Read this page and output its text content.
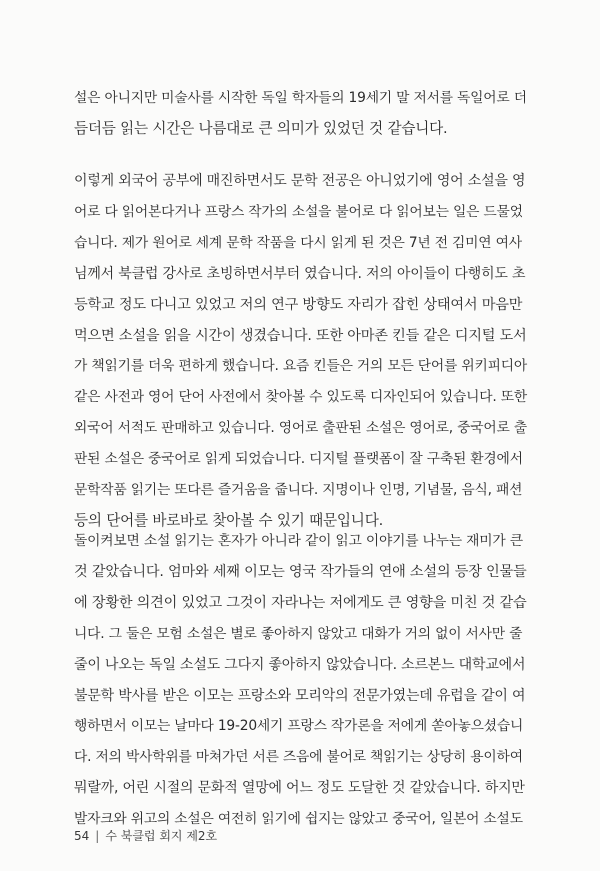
설은 아니지만 미술사를 시작한 독일 학자들의 19세기 말 저서를 독일어로 더
듬더듬 읽는 시간은 나름대로 큰 의미가 있었던 것 같습니다.
이렇게 외국어 공부에 매진하면서도 문학 전공은 아니었기에 영어 소설을 영
어로 다 읽어본다거나 프랑스 작가의 소설을 불어로 다 읽어보는 일은 드물었
습니다. 제가 원어로 세계 문학 작품을 다시 읽게 된 것은 7년 전 김미연 여사
님께서 북클럽 강사로 초빙하면서부터 였습니다. 저의 아이들이 다행히도 초
등학교 정도 다니고 있었고 저의 연구 방향도 자리가 잡힌 상태여서 마음만
먹으면 소설을 읽을 시간이 생겼습니다. 또한 아마존 킨들 같은 디지털 도서
가 책읽기를 더욱 편하게 했습니다. 요즘 킨들은 거의 모든 단어를 위키피디아
같은 사전과 영어 단어 사전에서 찾아볼 수 있도록 디자인되어 있습니다. 또한
외국어 서적도 판매하고 있습니다. 영어로 출판된 소설은 영어로, 중국어로 출
판된 소설은 중국어로 읽게 되었습니다. 디지털 플랫폼이 잘 구축된 환경에서
문학작품 읽기는 또다른 즐거움을 줍니다. 지명이나 인명, 기념물, 음식, 패션
등의 단어를 바로바로 찾아볼 수 있기 때문입니다.
돌이켜보면 소설 읽기는 혼자가 아니라 같이 읽고 이야기를 나누는 재미가 큰
것 같았습니다. 엄마와 세째 이모는 영국 작가들의 연애 소설의 등장 인물들
에 장황한 의견이 있었고 그것이 자라나는 저에게도 큰 영향을 미친 것 같습
니다. 그 둘은 모험 소설은 별로 좋아하지 않았고 대화가 거의 없이 서사만 줄
줄이 나오는 독일 소설도 그다지 좋아하지 않았습니다. 소르본느 대학교에서
불문학 박사를 받은 이모는 프랑소와 모리악의 전문가였는데 유럽을 같이 여
행하면서 이모는 날마다 19-20세기 프랑스 작가론을 저에게 쏟아놓으셨습니
다. 저의 박사학위를 마쳐가던 서른 즈음에 불어로 책읽기는 상당히 용이하여
뭐랄까, 어린 시절의 문화적 열망에 어느 정도 도달한 것 같았습니다. 하지만
발자크와 위고의 소설은 여전히 읽기에 쉽지는 않았고 중국어, 일본어 소설도
54 | 수 북클럽 회지 제2호
